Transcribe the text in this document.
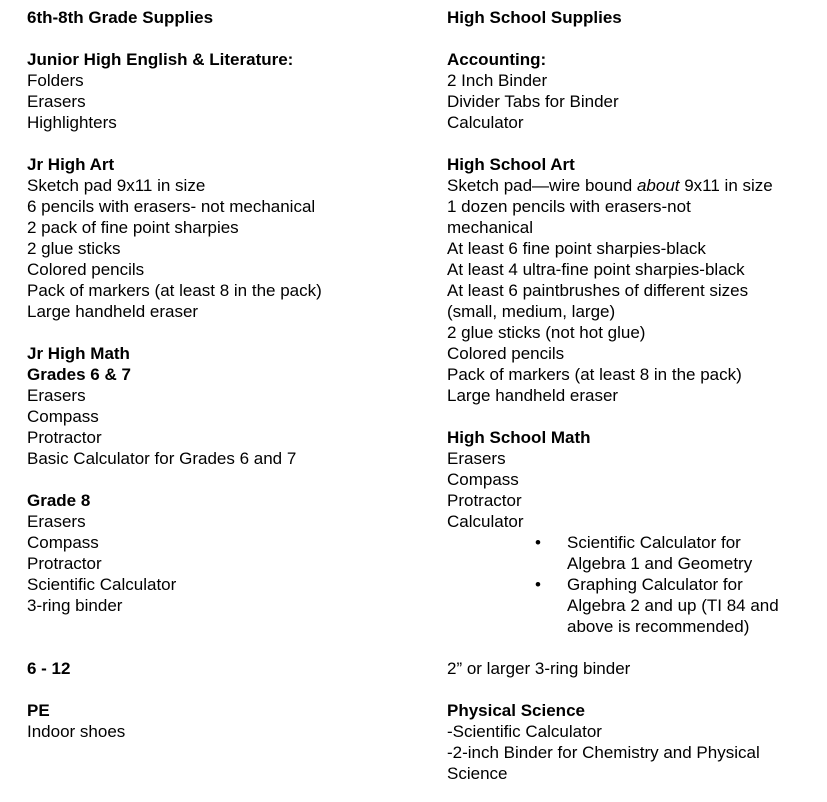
6th-8th Grade Supplies
Junior High English & Literature:
Folders
Erasers
Highlighters
Jr High Art
Sketch pad 9x11 in size
6 pencils with erasers- not mechanical
2 pack of fine point sharpies
2 glue sticks
Colored pencils
Pack of markers (at least 8 in the pack)
Large handheld eraser
Jr High Math
Grades 6 & 7
Erasers
Compass
Protractor
Basic Calculator for Grades 6 and 7
Grade 8
Erasers
Compass
Protractor
Scientific Calculator
3-ring binder
6 - 12
PE
Indoor shoes
High School Supplies
Accounting:
2 Inch Binder
Divider Tabs for Binder
Calculator
High School Art
Sketch pad—wire bound about 9x11 in size
1 dozen pencils with erasers-not mechanical
At least 6 fine point sharpies-black
At least 4 ultra-fine point sharpies-black
At least 6 paintbrushes of different sizes (small, medium, large)
2 glue sticks (not hot glue)
Colored pencils
Pack of markers (at least 8 in the pack)
Large handheld eraser
High School Math
Erasers
Compass
Protractor
Calculator
• Scientific Calculator for Algebra 1 and Geometry
• Graphing Calculator for Algebra 2 and up (TI 84 and above is recommended)
2” or larger 3-ring binder
Physical Science
-Scientific Calculator
-2-inch Binder for Chemistry and Physical Science
